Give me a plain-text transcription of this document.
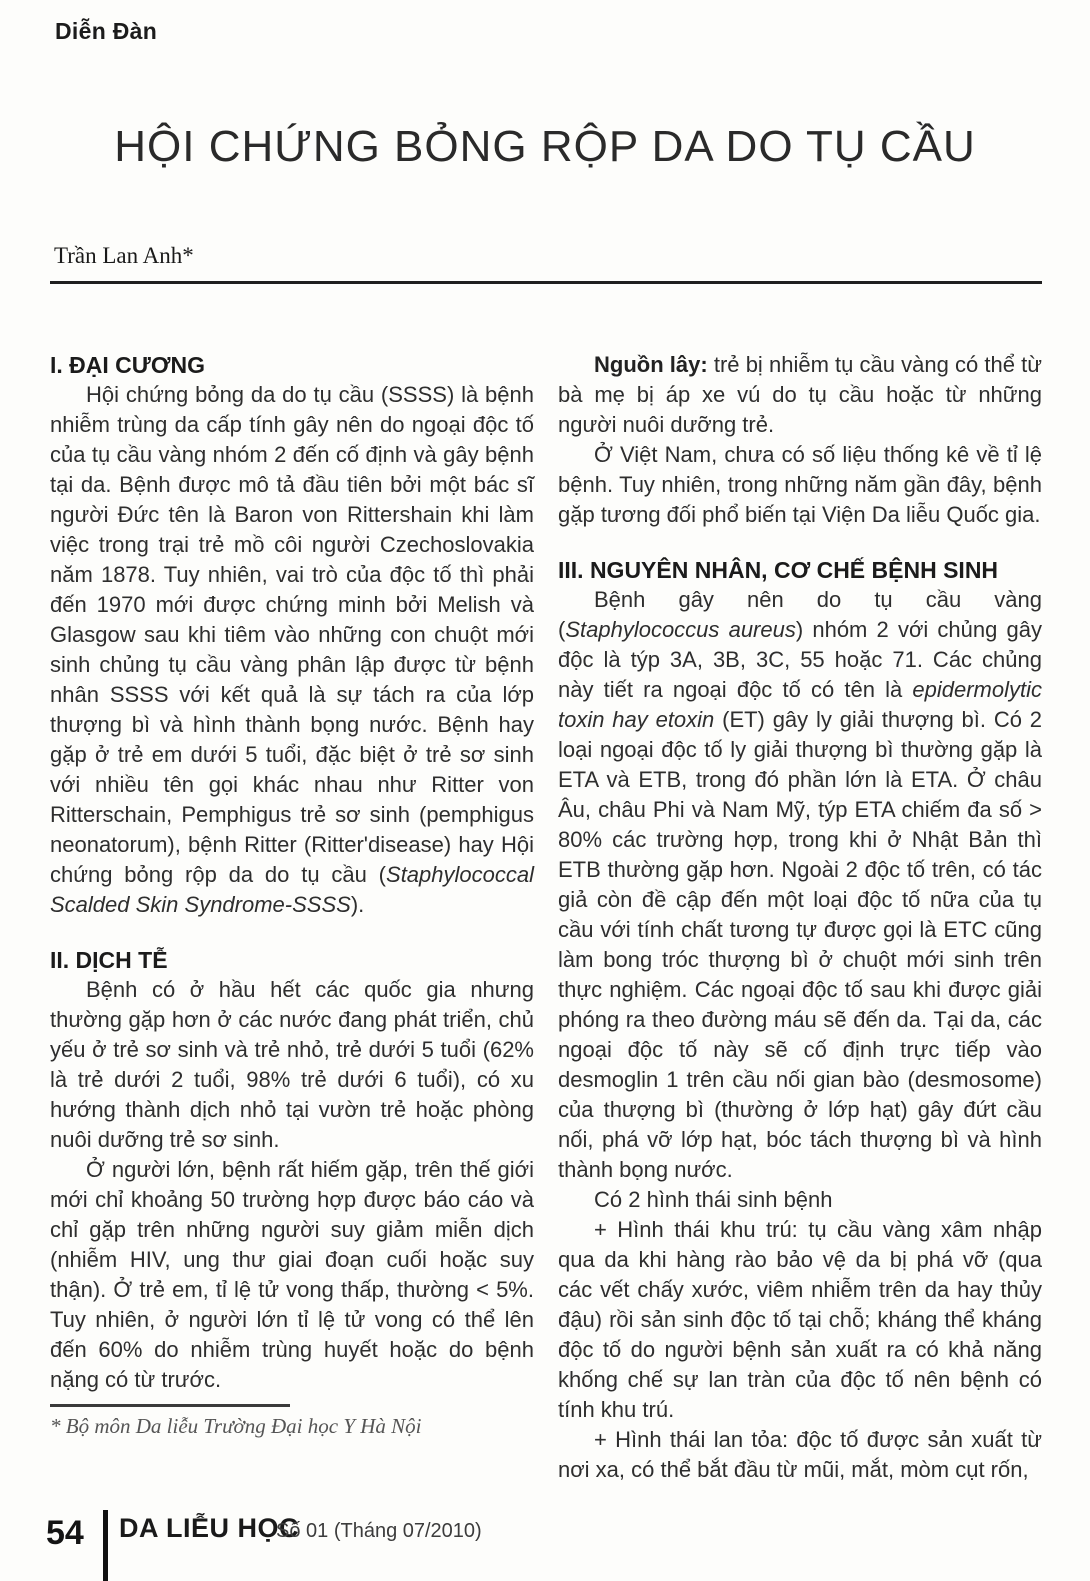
Diễn Đàn
HỘI CHỨNG BỎNG RỘP DA DO TỤ CẦU
Trần Lan Anh*
I. ĐẠI CƯƠNG

Hội chứng bỏng da do tụ cầu (SSSS) là bệnh nhiễm trùng da cấp tính gây nên do ngoại độc tố của tụ cầu vàng nhóm 2 đến cố định và gây bệnh tại da. Bệnh được mô tả đầu tiên bởi một bác sĩ người Đức tên là Baron von Rittershain khi làm việc trong trại trẻ mồ côi người Czechoslovakia năm 1878. Tuy nhiên, vai trò của độc tố thì phải đến 1970 mới được chứng minh bởi Melish và Glasgow sau khi tiêm vào những con chuột mới sinh chủng tụ cầu vàng phân lập được từ bệnh nhân SSSS với kết quả là sự tách ra của lớp thượng bì và hình thành bọng nước. Bệnh hay gặp ở trẻ em dưới 5 tuổi, đặc biệt ở trẻ sơ sinh với nhiều tên gọi khác nhau như Ritter von Ritterschain, Pemphigus trẻ sơ sinh (pemphigus neonatorum), bệnh Ritter (Ritter'disease) hay Hội chứng bỏng rộp da do tụ cầu (Staphylococcal Scalded Skin Syndrome-SSSS).

II. DỊCH TỄ

Bệnh có ở hầu hết các quốc gia nhưng thường gặp hơn ở các nước đang phát triển, chủ yếu ở trẻ sơ sinh và trẻ nhỏ, trẻ dưới 5 tuổi (62% là trẻ dưới 2 tuổi, 98% trẻ dưới 6 tuổi), có xu hướng thành dịch nhỏ tại vườn trẻ hoặc phòng nuôi dưỡng trẻ sơ sinh.

Ở người lớn, bệnh rất hiếm gặp, trên thế giới mới chỉ khoảng 50 trường hợp được báo cáo và chỉ gặp trên những người suy giảm miễn dịch (nhiễm HIV, ung thư giai đoạn cuối hoặc suy thận). Ở trẻ em, tỉ lệ tử vong thấp, thường < 5%. Tuy nhiên, ở người lớn tỉ lệ tử vong có thể lên đến 60% do nhiễm trùng huyết hoặc do bệnh nặng có từ trước.

Nguồn lây: trẻ bị nhiễm tụ cầu vàng có thể từ bà mẹ bị áp xe vú do tụ cầu hoặc từ những người nuôi dưỡng trẻ.

Ở Việt Nam, chưa có số liệu thống kê về tỉ lệ bệnh. Tuy nhiên, trong những năm gần đây, bệnh gặp tương đối phổ biến tại Viện Da liễu Quốc gia.

III. NGUYÊN NHÂN, CƠ CHẾ BỆNH SINH

Bệnh gây nên do tụ cầu vàng (Staphylococcus aureus) nhóm 2 với chủng gây độc là týp 3A, 3B, 3C, 55 hoặc 71. Các chủng này tiết ra ngoại độc tố có tên là epidermolytic toxin hay etoxin (ET) gây ly giải thượng bì. Có 2 loại ngoại độc tố ly giải thượng bì thường gặp là ETA và ETB, trong đó phần lớn là ETA. Ở châu Âu, châu Phi và Nam Mỹ, týp ETA chiếm đa số > 80% các trường hợp, trong khi ở Nhật Bản thì ETB thường gặp hơn. Ngoài 2 độc tố trên, có tác giả còn đề cập đến một loại độc tố nữa của tụ cầu với tính chất tương tự được gọi là ETC cũng làm bong tróc thượng bì ở chuột mới sinh trên thực nghiệm. Các ngoại độc tố sau khi được giải phóng ra theo đường máu sẽ đến da. Tại da, các ngoại độc tố này sẽ cố định trực tiếp vào desmoglin 1 trên cầu nối gian bào (desmosome) của thượng bì (thường ở lớp hạt) gây đứt cầu nối, phá vỡ lớp hạt, bóc tách thượng bì và hình thành bọng nước.

Có 2 hình thái sinh bệnh

+ Hình thái khu trú: tụ cầu vàng xâm nhập qua da khi hàng rào bảo vệ da bị phá vỡ (qua các vết chấy xước, viêm nhiễm trên da hay thủy đậu) rồi sản sinh độc tố tại chỗ; kháng thể kháng độc tố do người bệnh sản xuất ra có khả năng khống chế sự lan tràn của độc tố nên bệnh có tính khu trú.

+ Hình thái lan tỏa: độc tố được sản xuất từ nơi xa, có thể bắt đầu từ mũi, mắt, mòm cụt rốn,

* Bộ môn Da liễu Trường Đại học Y Hà Nội
54 DA LIỄU HỌC
Số 01 (Tháng 07/2010)
